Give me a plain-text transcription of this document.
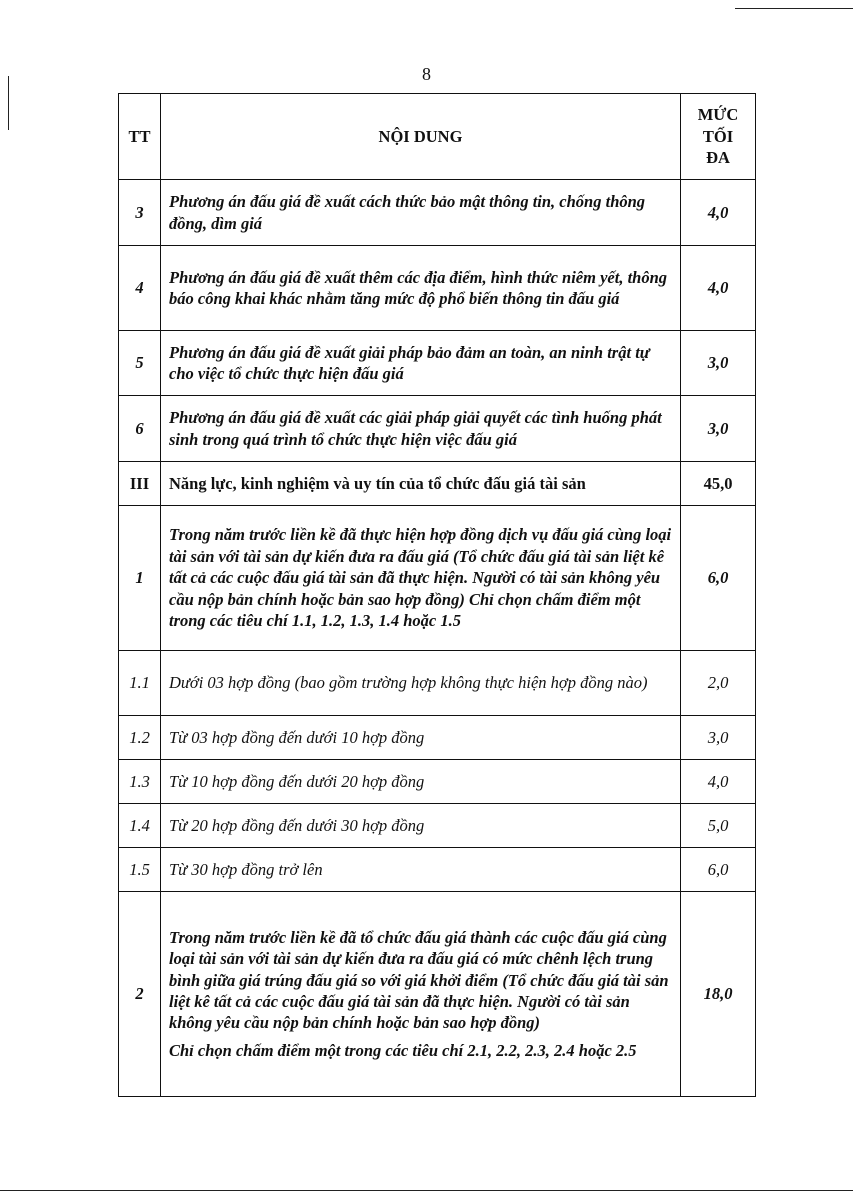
8
TT	NỘI DUNG	MỨC
TỐI
ĐA

3	Phương án đấu giá đề xuất cách thức bảo mật thông tin, chống thông đồng, dìm giá	4,0
4	Phương án đấu giá đề xuất thêm các địa điểm, hình thức niêm yết, thông báo công khai khác nhằm tăng mức độ phổ biến thông tin đấu giá	4,0
5	Phương án đấu giá đề xuất giải pháp bảo đảm an toàn, an ninh trật tự cho việc tổ chức thực hiện đấu giá	3,0
6	Phương án đấu giá đề xuất các giải pháp giải quyết các tình huống phát sinh trong quá trình tổ chức thực hiện việc đấu giá	3,0
III	Năng lực, kinh nghiệm và uy tín của tổ chức đấu giá tài sản	45,0
1	Trong năm trước liền kề đã thực hiện hợp đồng dịch vụ đấu giá cùng loại tài sản với tài sản dự kiến đưa ra đấu giá (Tổ chức đấu giá tài sản liệt kê tất cả các cuộc đấu giá tài sản đã thực hiện. Người có tài sản không yêu cầu nộp bản chính hoặc bản sao hợp đồng) Chỉ chọn chấm điểm một trong các tiêu chí 1.1, 1.2, 1.3, 1.4 hoặc 1.5	6,0
1.1	Dưới 03 hợp đồng (bao gồm trường hợp không thực hiện hợp đồng nào)	2,0
1.2	Từ 03 hợp đồng đến dưới 10 hợp đồng	3,0
1.3	Từ 10 hợp đồng đến dưới 20 hợp đồng	4,0
1.4	Từ 20 hợp đồng đến dưới 30 hợp đồng	5,0
1.5	Từ 30 hợp đồng trở lên	6,0
2	Trong năm trước liền kề đã tổ chức đấu giá thành các cuộc đấu giá cùng loại tài sản với tài sản dự kiến đưa ra đấu giá có mức chênh lệch trung bình giữa giá trúng đấu giá so với giá khởi điểm (Tổ chức đấu giá tài sản liệt kê tất cả các cuộc đấu giá tài sản đã thực hiện. Người có tài sản không yêu cầu nộp bản chính hoặc bản sao hợp đồng)
Chỉ chọn chấm điểm một trong các tiêu chí 2.1, 2.2, 2.3, 2.4 hoặc 2.5	18,0
